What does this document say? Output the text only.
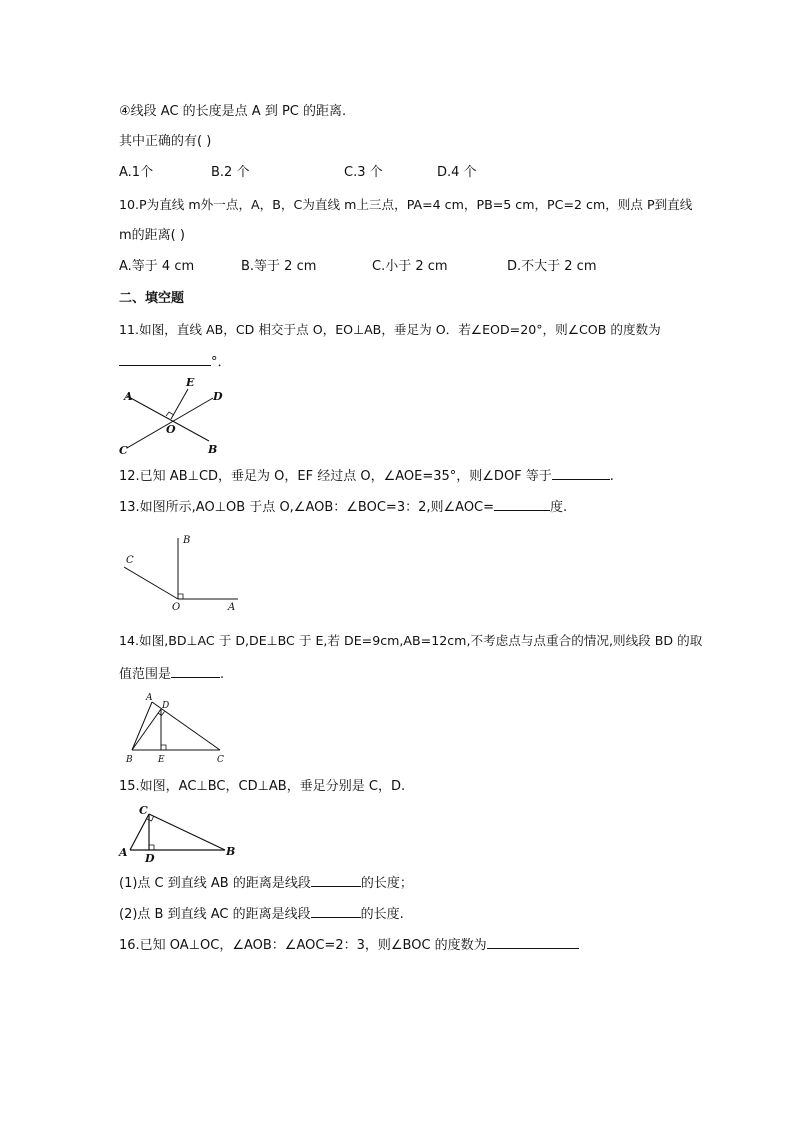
④线段 AC 的长度是点 A 到 PC 的距离.
其中正确的有( )
A.1个	B.2 个	C.3 个	D.4 个
10.P为直线 m外一点，A，B，C为直线 m上三点，PA=4 cm，PB=5 cm，PC=2 cm，则点 P到直线
m的距离( )
A.等于 4 cm	B.等于 2 cm	C.小于 2 cm	D.不大于 2 cm
二、填空题
11.如图，直线 AB，CD 相交于点 O，EO⊥AB，垂足为 O．若∠EOD=20°，则∠COB 的度数为
°．
A
E
D
O
C	B
12.已知 AB⊥CD，垂足为 O，EF 经过点 O，∠AOE=35°，则∠DOF 等于	.
13.如图所示,AO⊥OB 于点 O,∠AOB：∠BOC=3：2,则∠AOC=	度.
B
C
O	A
14.如图,BD⊥AC 于 D,DE⊥BC 于 E,若 DE=9cm,AB=12cm,不考虑点与点重合的情况,则线段 BD 的取
值范围是	.
A
D
B	E	C
15.如图，AC⊥BC，CD⊥AB，垂足分别是 C，D.
C
A D
B
(1)点 C 到直线 AB 的距离是线段	的长度；
(2)点 B 到直线 AC 的距离是线段	的长度.
16.已知 OA⊥OC，∠AOB：∠AOC=2：3，则∠BOC 的度数为
